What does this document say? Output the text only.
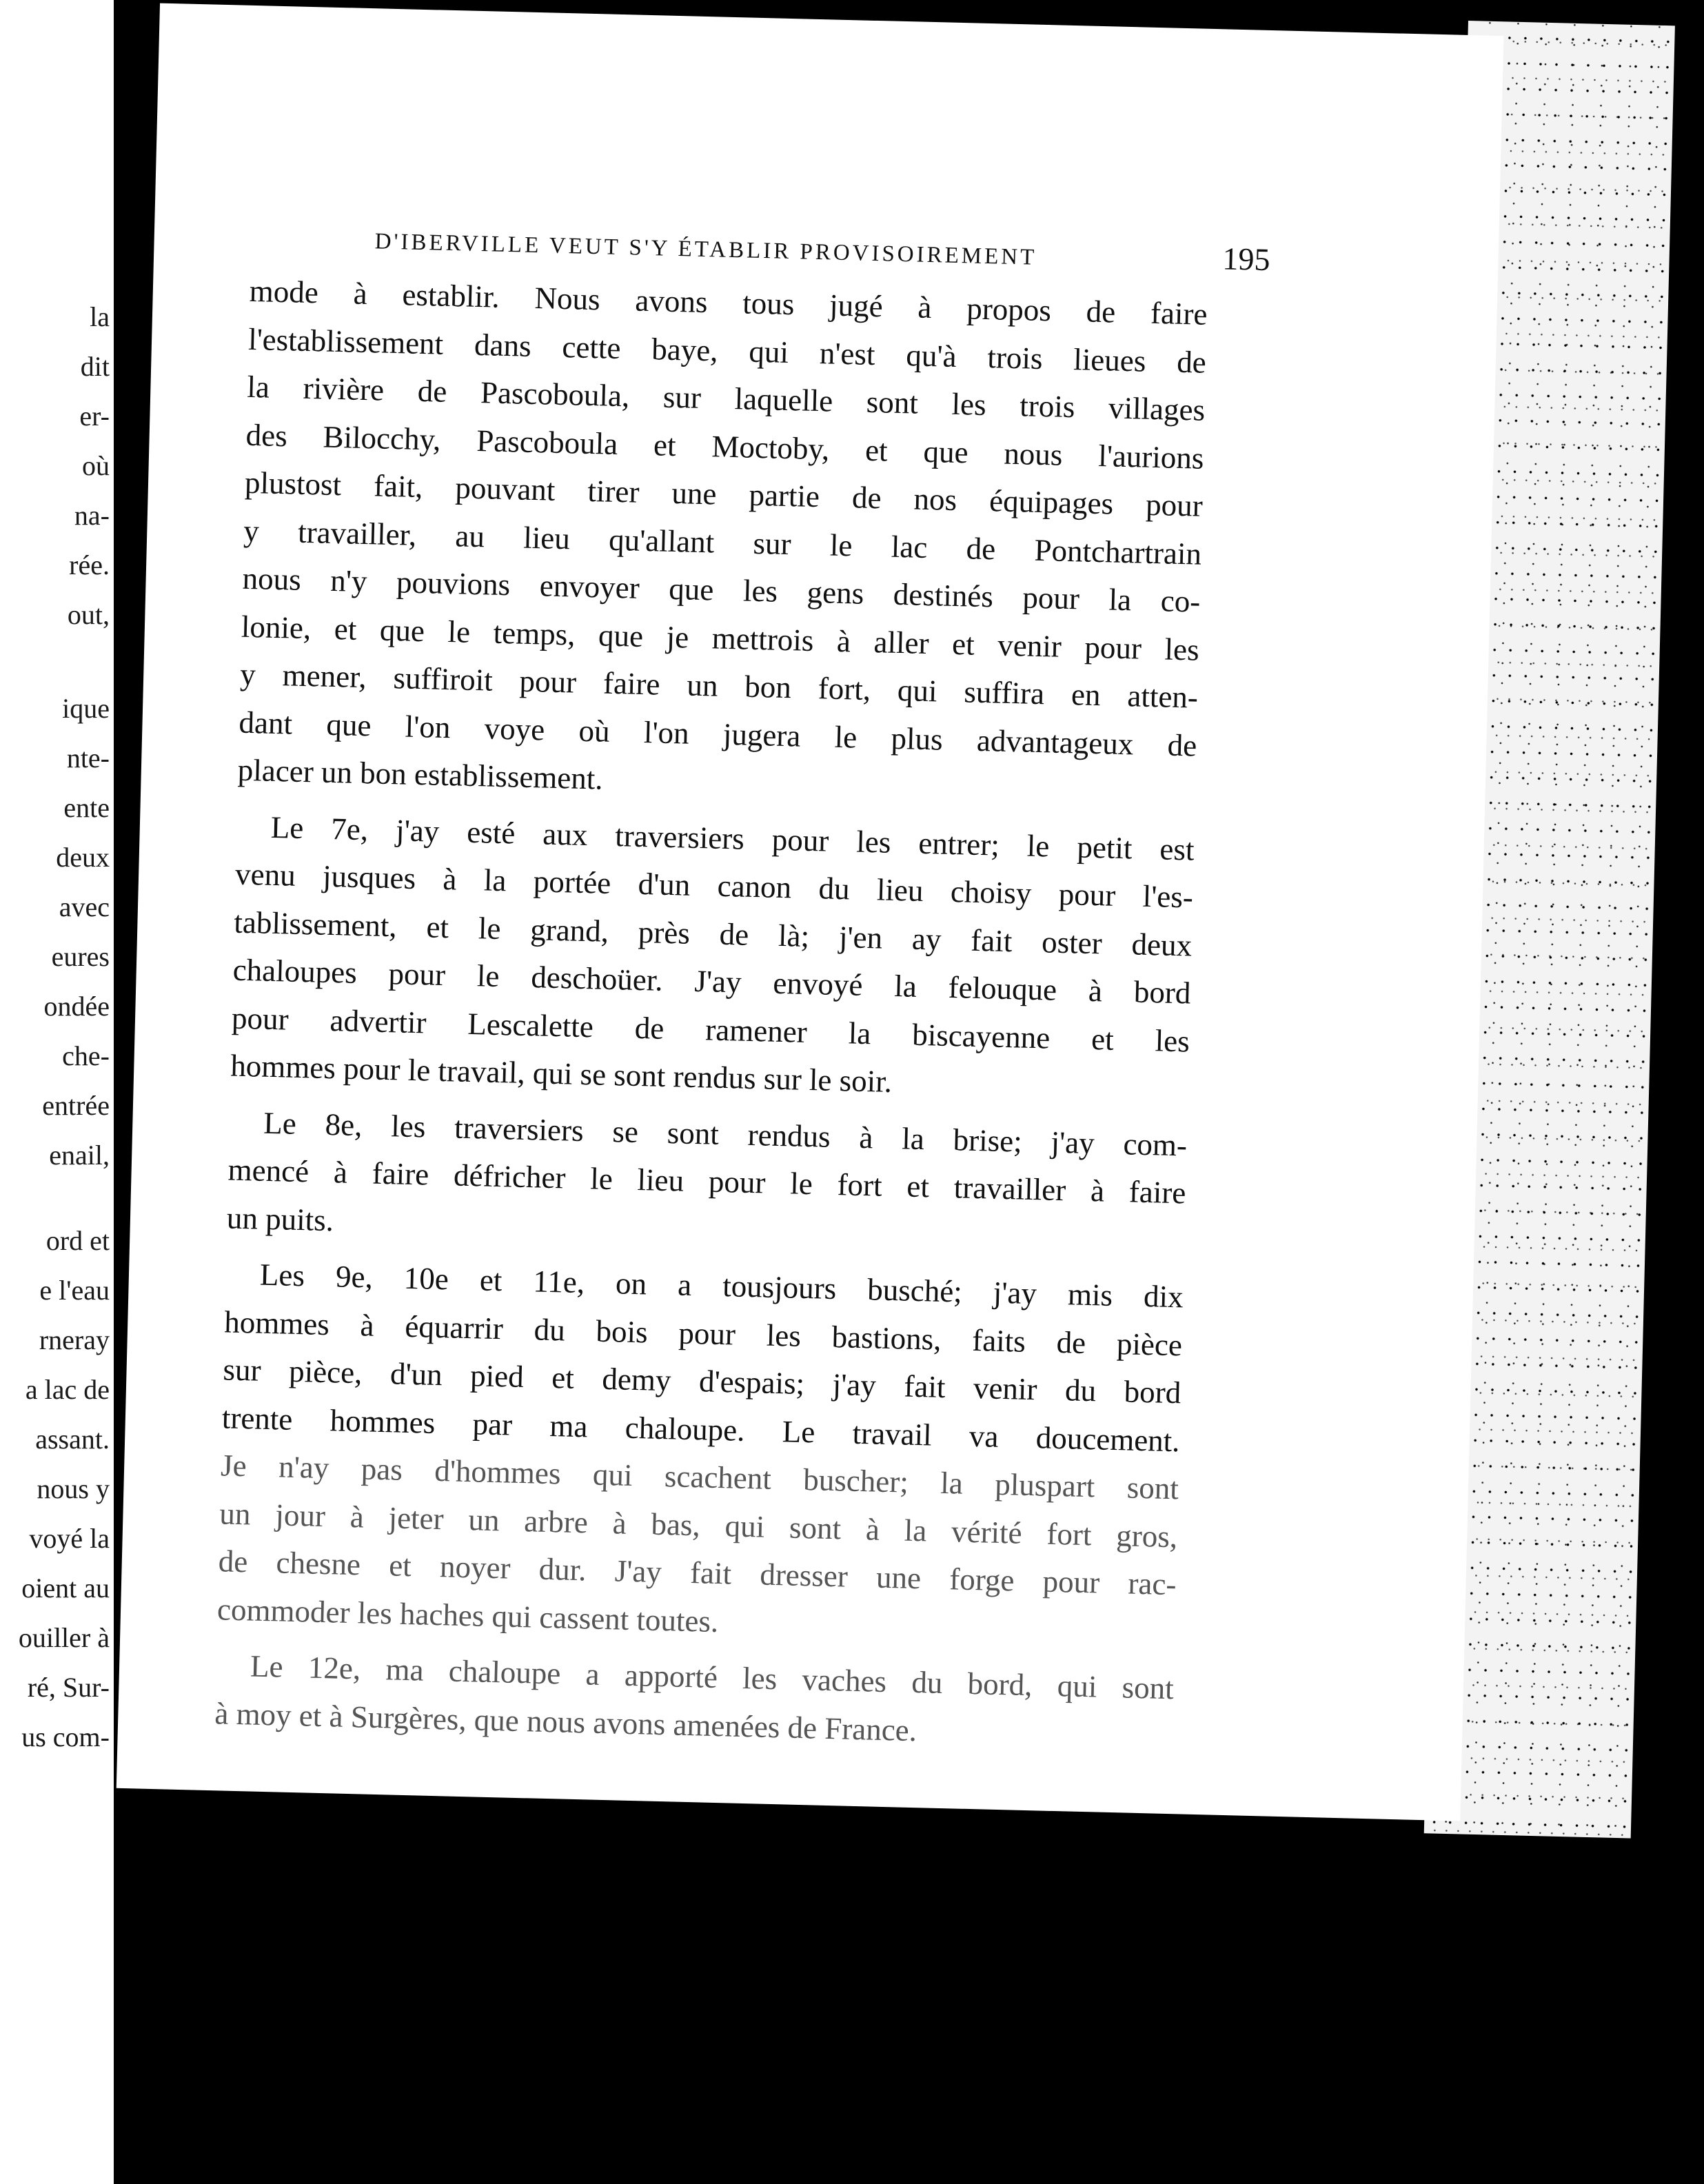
la
dit
er-
où
na-
rée.
out,
ique
nte-
ente
deux
avec
eures
ondée
che-
entrée
enail,
ord et
e l'eau
rneray
a lac de
assant.
nous y
voyé la
oient au
ouiller à
ré, Sur-
us com-
D'IBERVILLE VEUT S'Y ÉTABLIR PROVISOIREMENT	195

mode à establir. Nous avons tous jugé à propos de faire

l'establissement dans cette baye, qui n'est qu'à trois lieues de

la rivière de Pascoboula, sur laquelle sont les trois villages

des Bilocchy, Pascoboula et Moctoby, et que nous l'aurions

plustost fait, pouvant tirer une partie de nos équipages pour

y travailler, au lieu qu'allant sur le lac de Pontchartrain

nous n'y pouvions envoyer que les gens destinés pour la co-

lonie, et que le temps, que je mettrois à aller et venir pour les

y mener, suffiroit pour faire un bon fort, qui suffira en atten-

dant que l'on voye où l'on jugera le plus advantageux de

placer un bon establissement.

Le 7e, j'ay esté aux traversiers pour les entrer; le petit est

venu jusques à la portée d'un canon du lieu choisy pour l'es-

tablissement, et le grand, près de là; j'en ay fait oster deux

chaloupes pour le deschoüer. J'ay envoyé la felouque à bord

pour advertir Lescalette de ramener la biscayenne et les

hommes pour le travail, qui se sont rendus sur le soir.

Le 8e, les traversiers se sont rendus à la brise; j'ay com-

mencé à faire défricher le lieu pour le fort et travailler à faire

un puits.

Les 9e, 10e et 11e, on a tousjours busché; j'ay mis dix

hommes à équarrir du bois pour les bastions, faits de pièce

sur pièce, d'un pied et demy d'espais; j'ay fait venir du bord

trente hommes par ma chaloupe. Le travail va doucement.

Je n'ay pas d'hommes qui scachent buscher; la pluspart sont

un jour à jeter un arbre à bas, qui sont à la vérité fort gros,

de chesne et noyer dur. J'ay fait dresser une forge pour rac-

commoder les haches qui cassent toutes.

Le 12e, ma chaloupe a apporté les vaches du bord, qui sont

à moy et à Surgères, que nous avons amenées de France.
